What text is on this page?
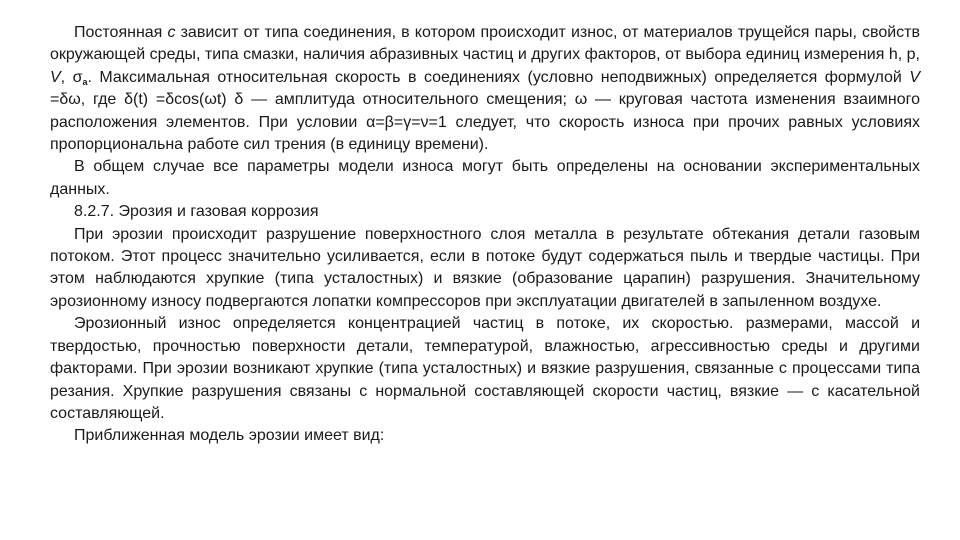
Постоянная с зависит от типа соединения, в котором происходит износ, от материалов трущейся пары, свойств окружающей среды, типа смазки, наличия абразивных частиц и других факторов, от выбора единиц измерения h, p, V, $\sigma_a$. Максимальная относительная скорость в соединениях (условно неподвижных) определяется формулой V =δω, где δ(t) =δcos(ωt) δ — амплитуда относительного смещения; ω — круговая частота изменения взаимного расположения элементов. При условии α=β=γ=ν=1 следует, что скорость износа при прочих равных условиях пропорциональна работе сил трения (в единицу времени).

В общем случае все параметры модели износа могут быть определены на основании экспериментальных данных.

8.2.7. Эрозия и газовая коррозия

При эрозии происходит разрушение поверхностного слоя металла в результате обтекания детали газовым потоком. Этот процесс значительно усиливается, если в потоке будут содержаться пыль и твердые частицы. При этом наблюдаются хрупкие (типа усталостных) и вязкие (образование царапин) разрушения. Значительному эрозионному износу подвергаются лопатки компрессоров при эксплуатации двигателей в запыленном воздухе.

Эрозионный износ определяется концентрацией частиц в потоке, их скоростью. размерами, массой и твердостью, прочностью поверхности детали, температурой, влажностью, агрессивностью среды и другими факторами. При эрозии возникают хрупкие (типа усталостных) и вязкие разрушения, связанные с процессами типа резания. Хрупкие разрушения связаны с нормальной составляющей скорости частиц, вязкие — с касательной составляющей.

Приближенная модель эрозии имеет вид:
